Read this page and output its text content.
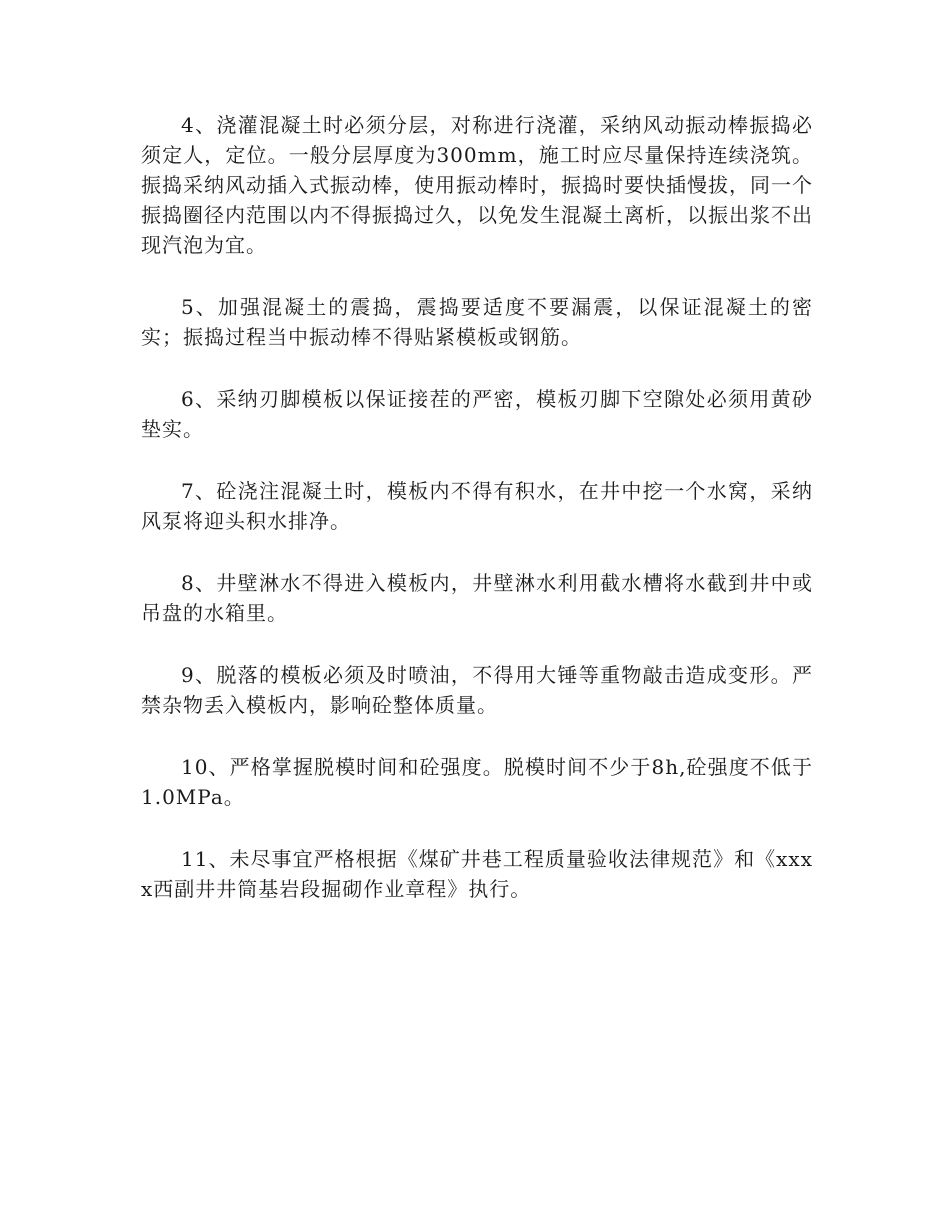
4、浇灌混凝土时必须分层，对称进行浇灌，采纳风动振动棒振捣必须定人，定位。一般分层厚度为300mm，施工时应尽量保持连续浇筑。振捣采纳风动插入式振动棒，使用振动棒时，振捣时要快插慢拔，同一个振捣圈径内范围以内不得振捣过久，以免发生混凝土离析，以振出浆不出现汽泡为宜。

5、加强混凝土的震捣，震捣要适度不要漏震，以保证混凝土的密实；振捣过程当中振动棒不得贴紧模板或钢筋。

6、采纳刃脚模板以保证接茬的严密，模板刃脚下空隙处必须用黄砂垫实。

7、砼浇注混凝土时，模板内不得有积水，在井中挖一个水窝，采纳风泵将迎头积水排净。

8、井壁淋水不得进入模板内，井壁淋水利用截水槽将水截到井中或吊盘的水箱里。

9、脱落的模板必须及时喷油，不得用大锤等重物敲击造成变形。严禁杂物丢入模板内，影响砼整体质量。

10、严格掌握脱模时间和砼强度。脱模时间不少于8h,砼强度不低于1.0MPa。

11、未尽事宜严格根据《煤矿井巷工程质量验收法律规范》和《xxxx西副井井筒基岩段掘砌作业章程》执行。
